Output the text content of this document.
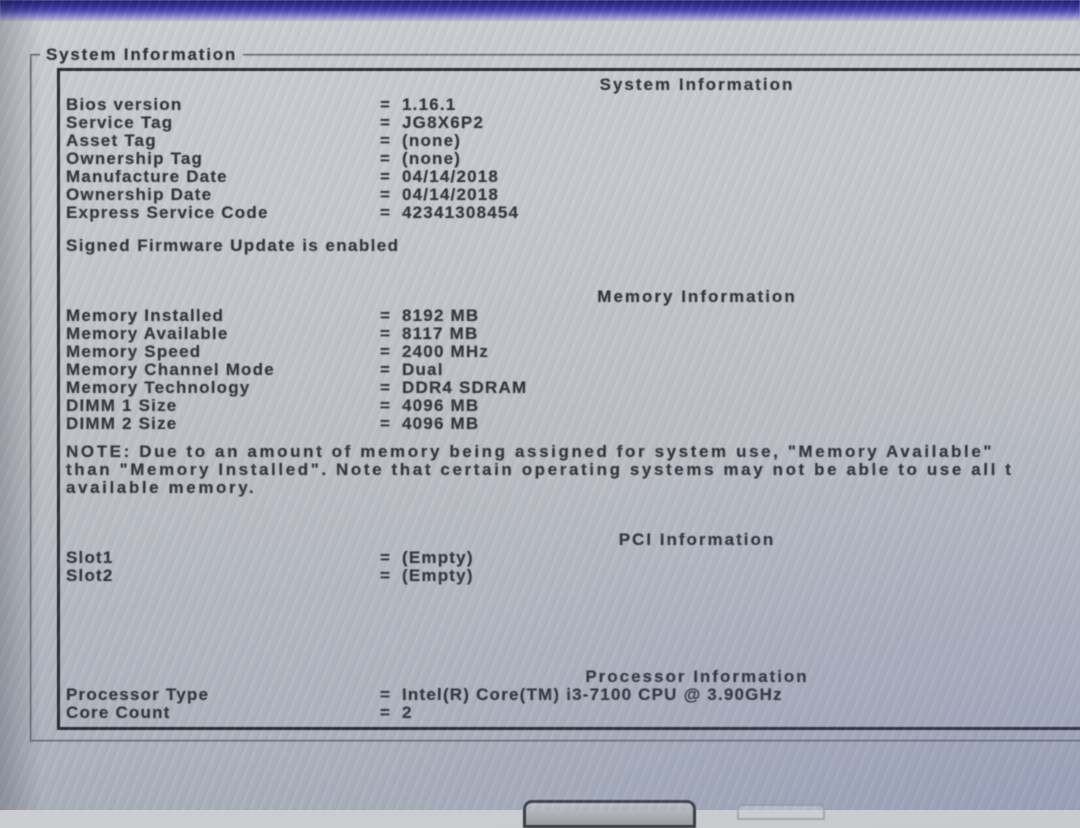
System Information
System Information
Bios version	= 1.16.1
Service Tag	= JG8X6P2
Asset Tag	= (none)
Ownership Tag	= (none)
Manufacture Date	= 04/14/2018
Ownership Date	= 04/14/2018
Express Service Code	= 42341308454
Signed Firmware Update is enabled
Memory Information
Memory Installed	= 8192 MB
Memory Available	= 8117 MB
Memory Speed	= 2400 MHz
Memory Channel Mode	= Dual
Memory Technology	= DDR4 SDRAM
DIMM 1 Size	= 4096 MB
DIMM 2 Size	= 4096 MB
NOTE: Due to an amount of memory being assigned for system use, "Memory Available"
than "Memory Installed". Note that certain operating systems may not be able to use all t
available memory.
PCI Information
Slot1	= (Empty)
Slot2	= (Empty)
Processor Information
Processor Type	= Intel(R) Core(TM) i3-7100 CPU @ 3.90GHz
Core Count	= 2
